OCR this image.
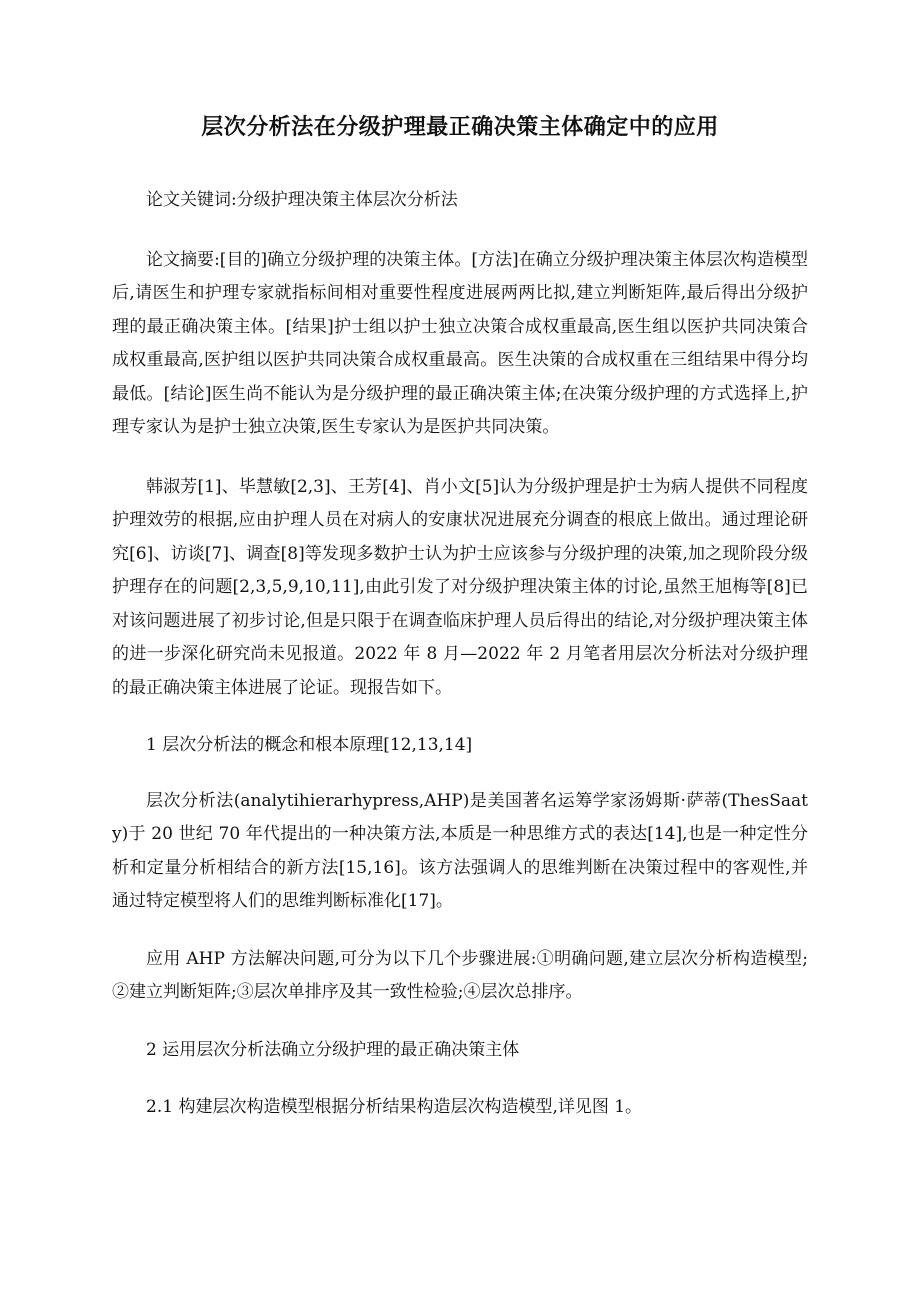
层次分析法在分级护理最正确决策主体确定中的应用

论文关键词:分级护理决策主体层次分析法

论文摘要:[目的]确立分级护理的决策主体。[方法]在确立分级护理决策主体层次构造模型后,请医生和护理专家就指标间相对重要性程度进展两两比拟,建立判断矩阵,最后得出分级护理的最正确决策主体。[结果]护士组以护士独立决策合成权重最高,医生组以医护共同决策合成权重最高,医护组以医护共同决策合成权重最高。医生决策的合成权重在三组结果中得分均最低。[结论]医生尚不能认为是分级护理的最正确决策主体;在决策分级护理的方式选择上,护理专家认为是护士独立决策,医生专家认为是医护共同决策。

韩淑芳[1]、毕慧敏[2,3]、王芳[4]、肖小文[5]认为分级护理是护士为病人提供不同程度护理效劳的根据,应由护理人员在对病人的安康状况进展充分调查的根底上做出。通过理论研究[6]、访谈[7]、调查[8]等发现多数护士认为护士应该参与分级护理的决策,加之现阶段分级护理存在的问题[2,3,5,9,10,11],由此引发了对分级护理决策主体的讨论,虽然王旭梅等[8]已对该问题进展了初步讨论,但是只限于在调查临床护理人员后得出的结论,对分级护理决策主体的进一步深化研究尚未见报道。2022 年 8 月—2022 年 2 月笔者用层次分析法对分级护理的最正确决策主体进展了论证。现报告如下。

1 层次分析法的概念和根本原理[12,13,14]

层次分析法(analytihierarhypress,AHP)是美国著名运筹学家汤姆斯·萨蒂(ThesSaaty)于 20 世纪 70 年代提出的一种决策方法,本质是一种思维方式的表达[14],也是一种定性分析和定量分析相结合的新方法[15,16]。该方法强调人的思维判断在决策过程中的客观性,并通过特定模型将人们的思维判断标准化[17]。

应用 AHP 方法解决问题,可分为以下几个步骤进展:①明确问题,建立层次分析构造模型;②建立判断矩阵;③层次单排序及其一致性检验;④层次总排序。

2 运用层次分析法确立分级护理的最正确决策主体

2.1 构建层次构造模型根据分析结果构造层次构造模型,详见图 1。
